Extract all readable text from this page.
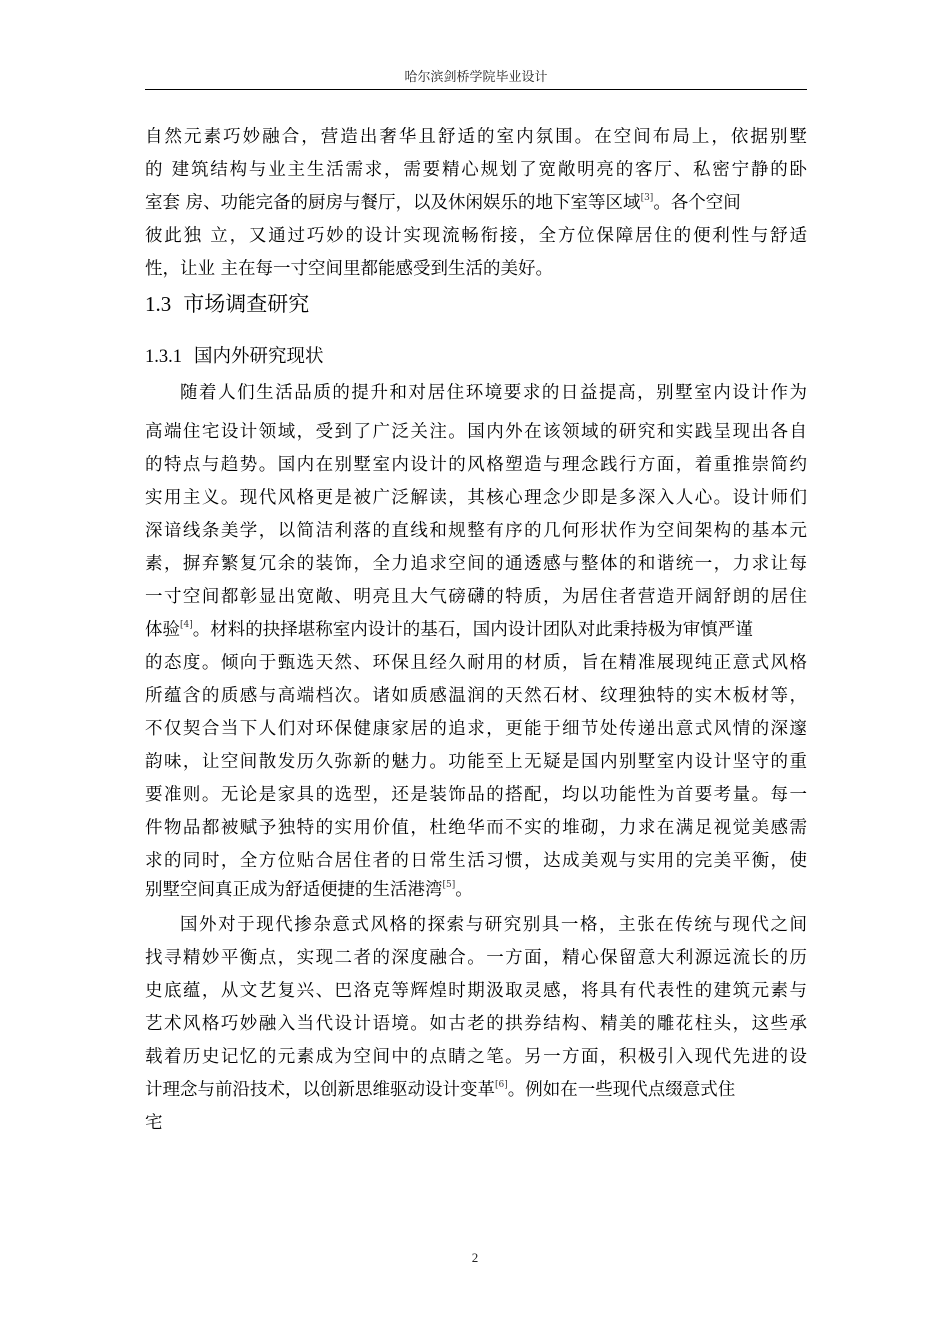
哈尔滨剑桥学院毕业设计
自然元素巧妙融合，营造出奢华且舒适的室内氛围。在空间布局上，依据别墅
的 建筑结构与业主生活需求，需要精心规划了宽敞明亮的客厅、私密宁静的卧
室套 房、功能完备的厨房与餐厅，以及休闲娱乐的地下室等区域[3]。各个空间
彼此独 立，又通过巧妙的设计实现流畅衔接，全方位保障居住的便利性与舒适
性，让业 主在每一寸空间里都能感受到生活的美好。
1.3 市场调查研究
1.3.1 国内外研究现状
随着人们生活品质的提升和对居住环境要求的日益提高，别墅室内设计作为
高端住宅设计领域，受到了广泛关注。国内外在该领域的研究和实践呈现出各自
的特点与趋势。国内在别墅室内设计的风格塑造与理念践行方面，着重推崇简约
实用主义。现代风格更是被广泛解读，其核心理念少即是多深入人心。设计师们
深谙线条美学，以简洁利落的直线和规整有序的几何形状作为空间架构的基本元
素，摒弃繁复冗余的装饰，全力追求空间的通透感与整体的和谐统一，力求让每
一寸空间都彰显出宽敞、明亮且大气磅礴的特质，为居住者营造开阔舒朗的居住
体验[4]。材料的抉择堪称室内设计的基石，国内设计团队对此秉持极为审慎严谨
的态度。倾向于甄选天然、环保且经久耐用的材质，旨在精准展现纯正意式风格
所蕴含的质感与高端档次。诸如质感温润的天然石材、纹理独特的实木板材等，
不仅契合当下人们对环保健康家居的追求，更能于细节处传递出意式风情的深邃
韵味，让空间散发历久弥新的魅力。功能至上无疑是国内别墅室内设计坚守的重
要准则。无论是家具的选型，还是装饰品的搭配，均以功能性为首要考量。每一
件物品都被赋予独特的实用价值，杜绝华而不实的堆砌，力求在满足视觉美感需
求的同时，全方位贴合居住者的日常生活习惯，达成美观与实用的完美平衡，使
别墅空间真正成为舒适便捷的生活港湾[5]。
国外对于现代掺杂意式风格的探索与研究别具一格，主张在传统与现代之间
找寻精妙平衡点，实现二者的深度融合。一方面，精心保留意大利源远流长的历
史底蕴，从文艺复兴、巴洛克等辉煌时期汲取灵感，将具有代表性的建筑元素与
艺术风格巧妙融入当代设计语境。如古老的拱券结构、精美的雕花柱头，这些承
载着历史记忆的元素成为空间中的点睛之笔。另一方面，积极引入现代先进的设
计理念与前沿技术，以创新思维驱动设计变革[6]。例如在一些现代点缀意式住
宅
2
